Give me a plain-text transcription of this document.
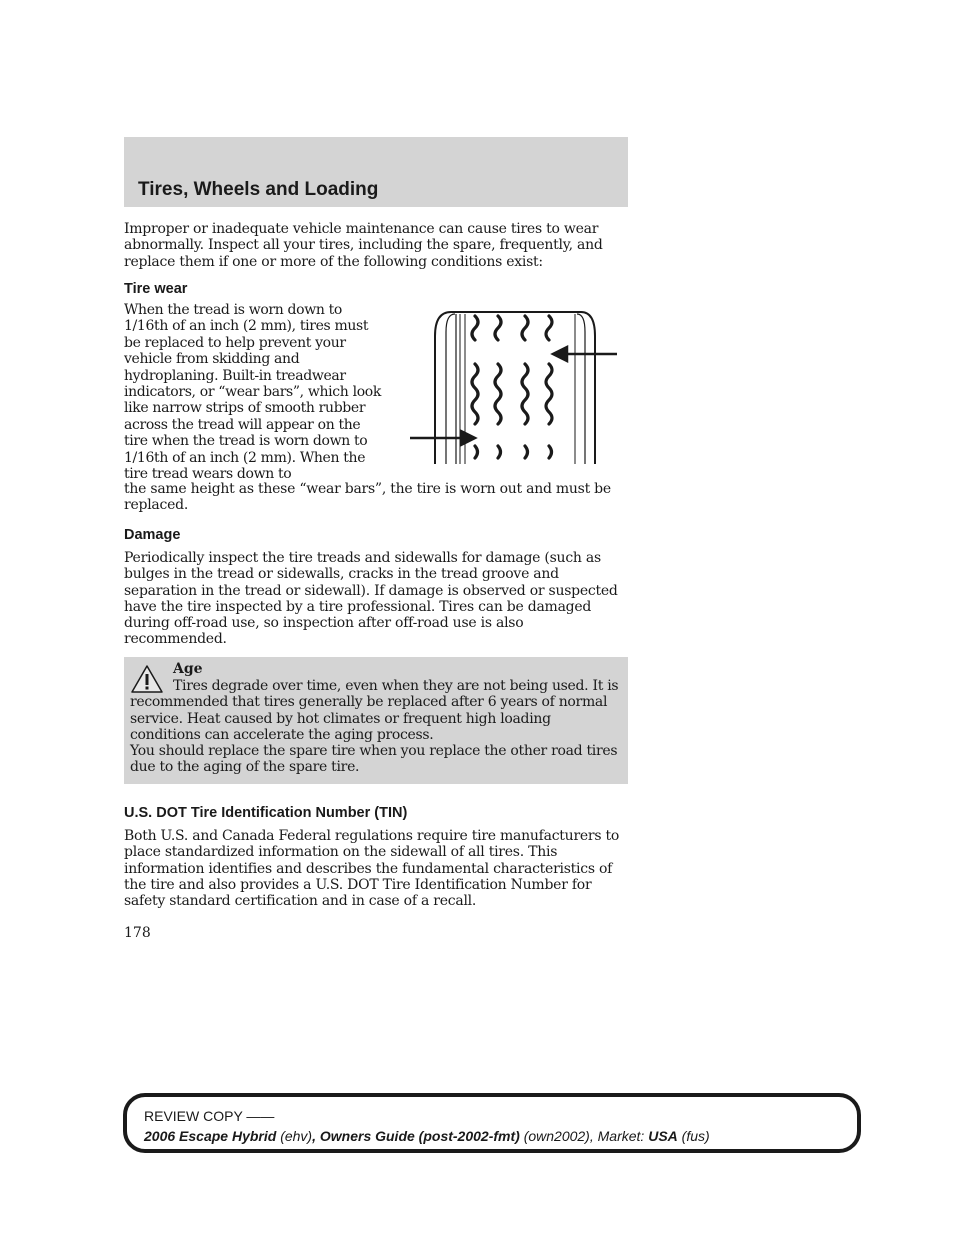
Tires, Wheels and Loading

Improper or inadequate vehicle maintenance can cause tires to wear abnormally. Inspect all your tires, including the spare, frequently, and replace them if one or more of the following conditions exist:

Tire wear

When the tread is worn down to 1/16th of an inch (2 mm), tires must be replaced to help prevent your vehicle from skidding and hydroplaning. Built-in treadwear indicators, or “wear bars”, which look like narrow strips of smooth rubber across the tread will appear on the tire when the tread is worn down to 1/16th of an inch (2 mm). When the tire tread wears down to

the same height as these “wear bars”, the tire is worn out and must be replaced.

Damage

Periodically inspect the tire treads and sidewalls for damage (such as bulges in the tread or sidewalls, cracks in the tread groove and separation in the tread or sidewall). If damage is observed or suspected have the tire inspected by a tire professional. Tires can be damaged during off-road use, so inspection after off-road use is also recommended.

Age

Tires degrade over time, even when they are not being used. It is recommended that tires generally be replaced after 6 years of normal service. Heat caused by hot climates or frequent high loading conditions can accelerate the aging process.

You should replace the spare tire when you replace the other road tires due to the aging of the spare tire.

U.S. DOT Tire Identification Number (TIN)

Both U.S. and Canada Federal regulations require tire manufacturers to place standardized information on the sidewall of all tires. This information identifies and describes the fundamental characteristics of the tire and also provides a U.S. DOT Tire Identification Number for safety standard certification and in case of a recall.

178

REVIEW COPY ——

2006 Escape Hybrid (ehv), Owners Guide (post-2002-fmt) (own2002), Market: USA (fus)
